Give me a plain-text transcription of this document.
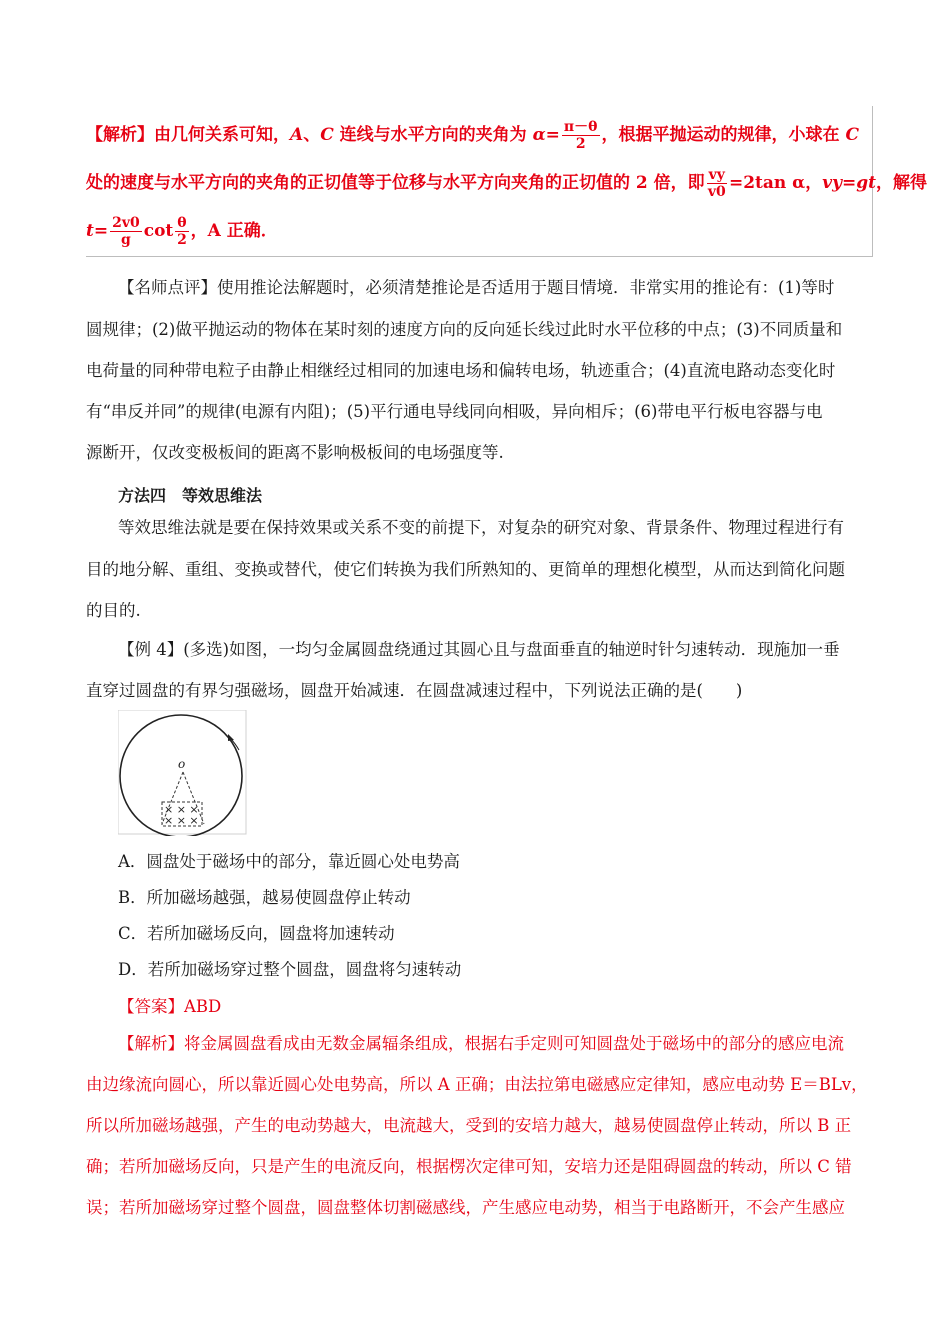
【解析】由几何关系可知，A、C 连线与水平方向的夹角为 $\alpha= \frac{\pi-\theta}{2}$ ，根据平抛运动的规律，小球在 C
处的速度与水平方向的夹角的正切值等于位移与水平方向夹角的正切值的 2 倍，即 $\frac{vy}{v0} =2\tan$ α，vy=gt，解得
$t= \frac{2v0}{g}$ $\cot \frac{\theta}{2}$ ，A 正确．
【名师点评】使用推论法解题时，必须清楚推论是否适用于题目情境．非常实用的推论有：(1)等时
圆规律；(2)做平抛运动的物体在某时刻的速度方向的反向延长线过此时水平位移的中点；(3)不同质量和
电荷量的同种带电粒子由静止相继经过相同的加速电场和偏转电场，轨迹重合；(4)直流电路动态变化时
有“串反并同”的规律(电源有内阻)；(5)平行通电导线同向相吸，异向相斥；(6)带电平行板电容器与电
源断开，仅改变极板间的距离不影响极板间的电场强度等.
方法四　等效思维法
等效思维法就是要在保持效果或关系不变的前提下，对复杂的研究对象、背景条件、物理过程进行有
目的地分解、重组、变换或替代，使它们转换为我们所熟知的、更简单的理想化模型，从而达到简化问题
的目的.
【例 4】(多选)如图，一均匀金属圆盘绕通过其圆心且与盘面垂直的轴逆时针匀速转动．现施加一垂
直穿过圆盘的有界匀强磁场，圆盘开始减速．在圆盘减速过程中，下列说法正确的是(　　)
o
× × ×
× × ×
A．圆盘处于磁场中的部分，靠近圆心处电势高
B．所加磁场越强，越易使圆盘停止转动
C．若所加磁场反向，圆盘将加速转动
D．若所加磁场穿过整个圆盘，圆盘将匀速转动
【答案】ABD
【解析】将金属圆盘看成由无数金属辐条组成，根据右手定则可知圆盘处于磁场中的部分的感应电流
由边缘流向圆心，所以靠近圆心处电势高，所以 A 正确；由法拉第电磁感应定律知，感应电动势 E＝BLv，
所以所加磁场越强，产生的电动势越大，电流越大，受到的安培力越大，越易使圆盘停止转动，所以 B 正
确；若所加磁场反向，只是产生的电流反向，根据楞次定律可知，安培力还是阻碍圆盘的转动，所以 C 错
误；若所加磁场穿过整个圆盘，圆盘整体切割磁感线，产生感应电动势，相当于电路断开，不会产生感应
